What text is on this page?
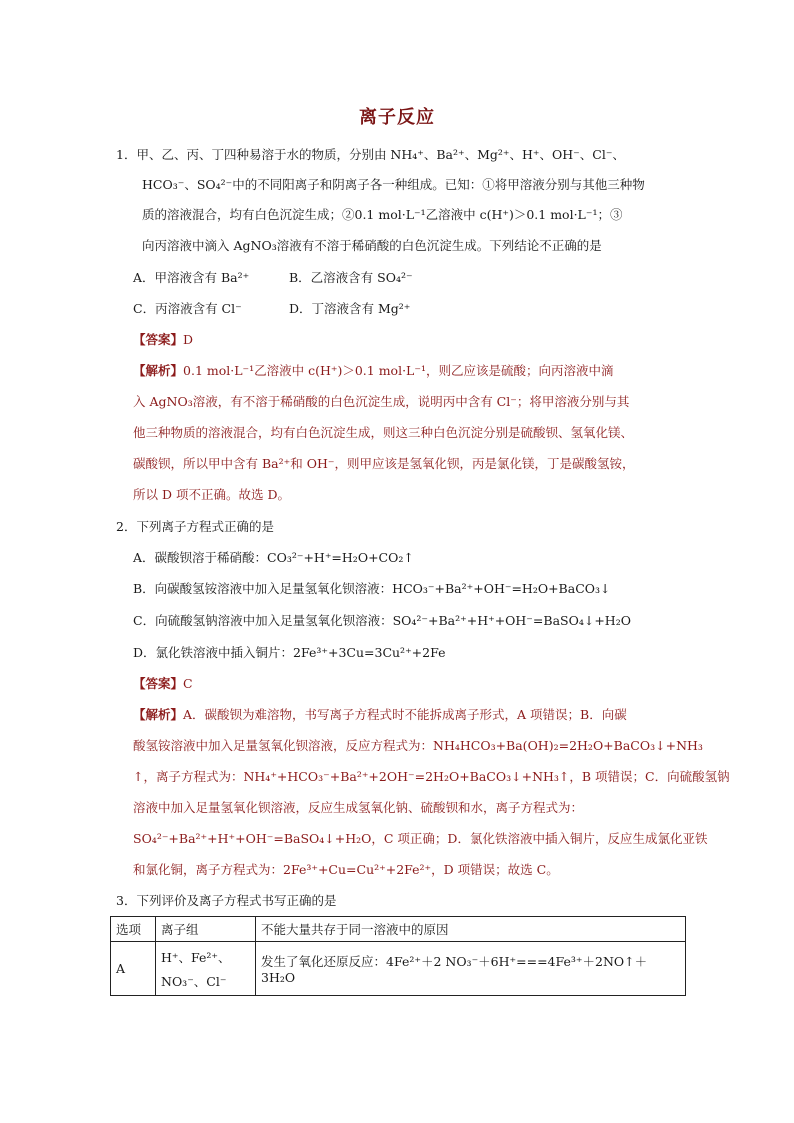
离子反应
1．甲、乙、丙、丁四种易溶于水的物质，分别由 NH₄⁺、Ba²⁺、Mg²⁺、H⁺、OH⁻、Cl⁻、
HCO₃⁻、SO₄²⁻中的不同阳离子和阴离子各一种组成。已知：①将甲溶液分别与其他三种物
质的溶液混合，均有白色沉淀生成；②0.1 mol·L⁻¹乙溶液中 c(H⁺)＞0.1 mol·L⁻¹；③
向丙溶液中滴入 AgNO₃溶液有不溶于稀硝酸的白色沉淀生成。下列结论不正确的是
A．甲溶液含有 Ba²⁺	B．乙溶液含有 SO₄²⁻
C．丙溶液含有 Cl⁻	D．丁溶液含有 Mg²⁺
【答案】D
【解析】0.1 mol·L⁻¹乙溶液中 c(H⁺)＞0.1 mol·L⁻¹，则乙应该是硫酸；向丙溶液中滴
入 AgNO₃溶液，有不溶于稀硝酸的白色沉淀生成，说明丙中含有 Cl⁻；将甲溶液分别与其
他三种物质的溶液混合，均有白色沉淀生成，则这三种白色沉淀分别是硫酸钡、氢氧化镁、
碳酸钡，所以甲中含有 Ba²⁺和 OH⁻，则甲应该是氢氧化钡，丙是氯化镁，丁是碳酸氢铵，
所以 D 项不正确。故选 D。
2．下列离子方程式正确的是
A．碳酸钡溶于稀硝酸：CO₃²⁻+H⁺=H₂O+CO₂↑
B．向碳酸氢铵溶液中加入足量氢氧化钡溶液：HCO₃⁻+Ba²⁺+OH⁻=H₂O+BaCO₃↓
C．向硫酸氢钠溶液中加入足量氢氧化钡溶液：SO₄²⁻+Ba²⁺+H⁺+OH⁻=BaSO₄↓+H₂O
D．氯化铁溶液中插入铜片：2Fe³⁺+3Cu=3Cu²⁺+2Fe
【答案】C
【解析】A．碳酸钡为难溶物，书写离子方程式时不能拆成离子形式，A 项错误；B．向碳
酸氢铵溶液中加入足量氢氧化钡溶液，反应方程式为：NH₄HCO₃+Ba(OH)₂=2H₂O+BaCO₃↓+NH₃
↑，离子方程式为：NH₄⁺+HCO₃⁻+Ba²⁺+2OH⁻=2H₂O+BaCO₃↓+NH₃↑，B 项错误；C．向硫酸氢钠
溶液中加入足量氢氧化钡溶液，反应生成氢氧化钠、硫酸钡和水，离子方程式为：
SO₄²⁻+Ba²⁺+H⁺+OH⁻=BaSO₄↓+H₂O，C 项正确；D．氯化铁溶液中插入铜片，反应生成氯化亚铁
和氯化铜，离子方程式为：2Fe³⁺+Cu=Cu²⁺+2Fe²⁺，D 项错误；故选 C。
3．下列评价及离子方程式书写正确的是
选项	离子组	不能大量共存于同一溶液中的原因
A	H⁺、Fe²⁺、
NO₃⁻、Cl⁻	发生了氧化还原反应：4Fe²⁺＋2 NO₃⁻＋6H⁺===4Fe³⁺＋2NO↑＋3H₂O
